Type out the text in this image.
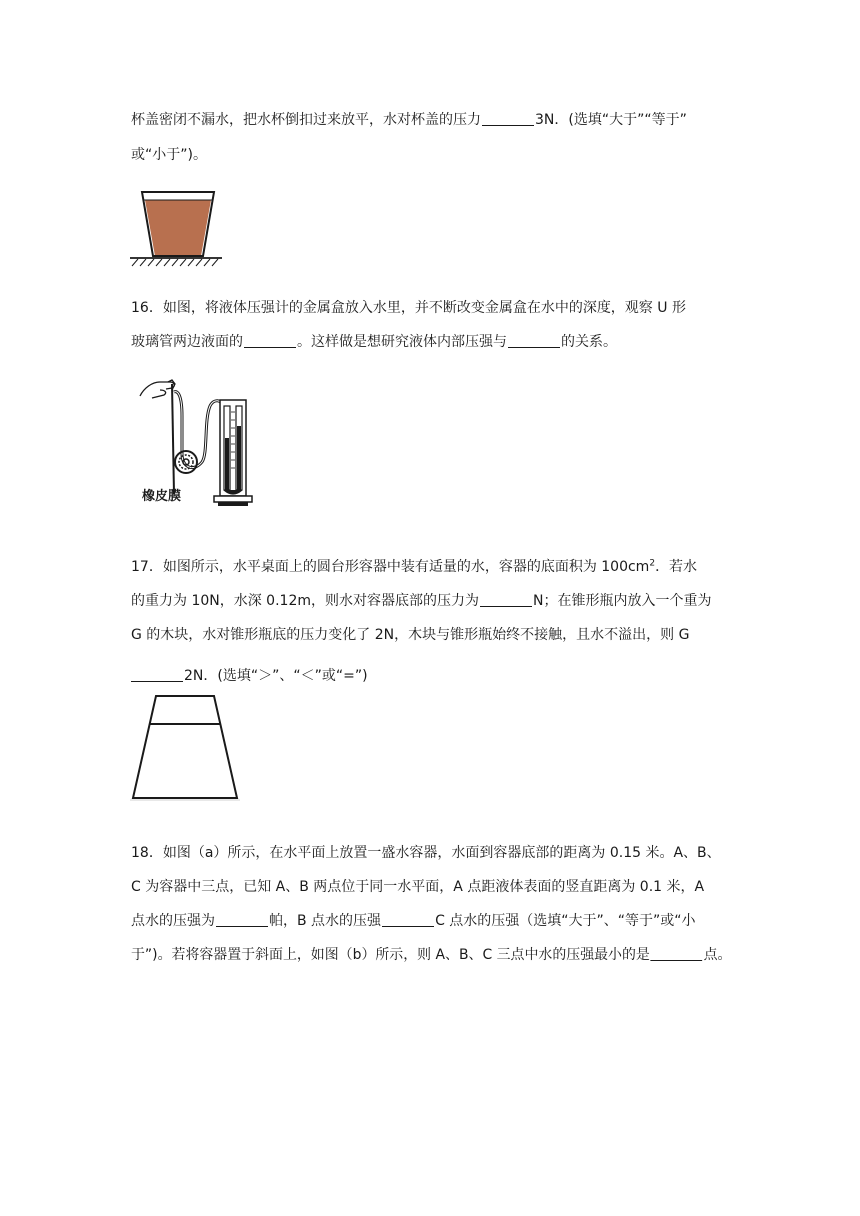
杯盖密闭不漏水，把水杯倒扣过来放平，水对杯盖的压力	3N．(选填“大于”“等于”
或“小于”)。
16．如图，将液体压强计的金属盒放入水里，并不断改变金属盒在水中的深度，观察 U 形
玻璃管两边液面的	。这样做是想研究液体内部压强与	的关系。
橡皮膜
17．如图所示，水平桌面上的圆台形容器中装有适量的水，容器的底面积为 $100cm^2$．若水
的重力为 10N，水深 0.12m，则水对容器底部的压力为	N；在锥形瓶内放入一个重为
G 的木块，水对锥形瓶底的压力变化了 2N，木块与锥形瓶始终不接触，且水不溢出，则 G
2N．(选填“＞”、“＜”或“=”)
18．如图（a）所示，在水平面上放置一盛水容器，水面到容器底部的距离为 0.15 米。A、B、
C 为容器中三点，已知 A、B 两点位于同一水平面，A 点距液体表面的竖直距离为 0.1 米，A
点水的压强为	帕，B 点水的压强	C 点水的压强（选填“大于”、“等于”或“小
于”)。若将容器置于斜面上，如图（b）所示，则 A、B、C 三点中水的压强最小的是	点。
